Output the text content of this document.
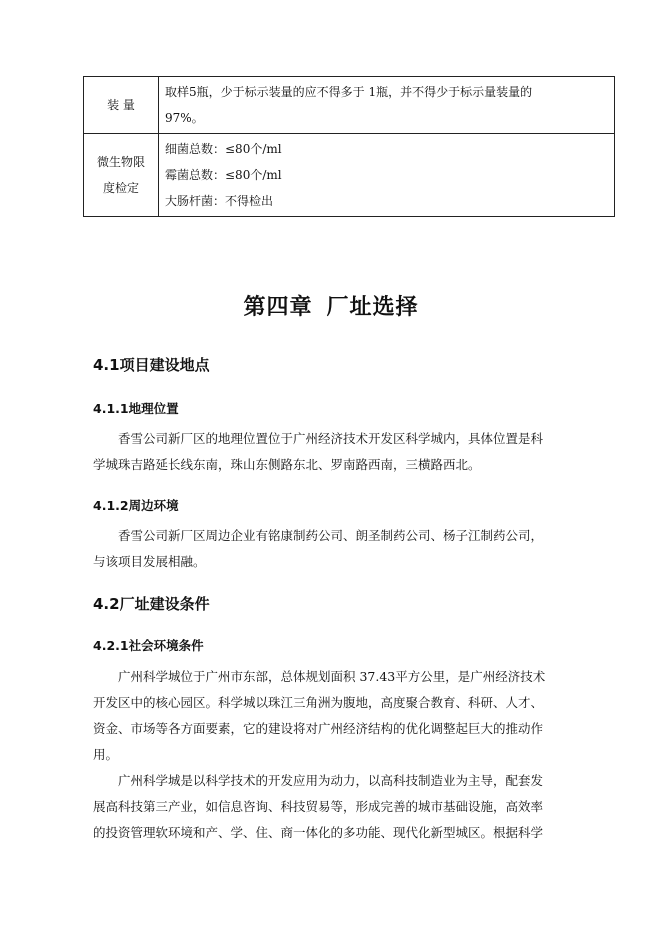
装 量	取样5瓶，少于标示装量的应不得多于 1瓶，并不得少于标示量装量的
97%。

微生物限
度检定	细菌总数：≤80个/ml
霉菌总数：≤80个/ml
大肠杆菌：不得检出
第四章 厂址选择
4.1项目建设地点
4.1.1地理位置
香雪公司新厂区的地理位置位于广州经济技术开发区科学城内，具体位置是科
学城珠吉路延长线东南，珠山东侧路东北、罗南路西南，三横路西北。
4.1.2周边环境
香雪公司新厂区周边企业有铭康制药公司、朗圣制药公司、杨子江制药公司，
与该项目发展相融。
4.2厂址建设条件
4.2.1社会环境条件
广州科学城位于广州市东部，总体规划面积 37.43平方公里，是广州经济技术
开发区中的核心园区。科学城以珠江三角洲为腹地，高度聚合教育、科研、人才、
资金、市场等各方面要素，它的建设将对广州经济结构的优化调整起巨大的推动作
用。
广州科学城是以科学技术的开发应用为动力，以高科技制造业为主导，配套发
展高科技第三产业，如信息咨询、科技贸易等，形成完善的城市基础设施，高效率
的投资管理软环境和产、学、住、商一体化的多功能、现代化新型城区。根据科学
